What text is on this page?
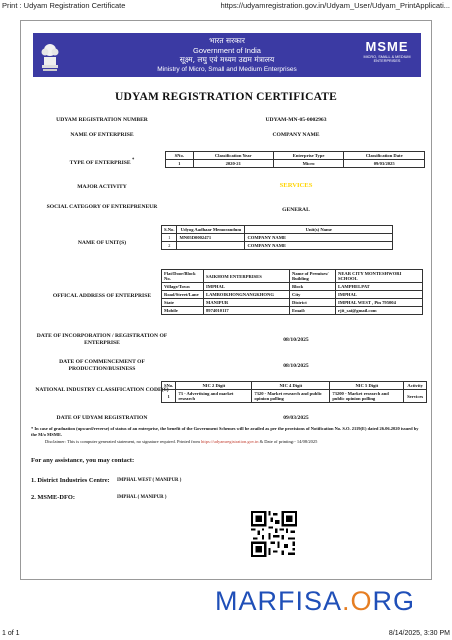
Print : Udyam Registration Certificate	https://udyamregistration.gov.in/Udyam_User/Udyam_PrintApplicati...
भारत सरकार
Government of India
सूक्ष्म, लघु एवं मध्यम उद्यम मंत्रालय
Ministry of Micro, Small and Medium Enterprises
MSME
MICRO, SMALL & MEDIUM ENTERPRISES
UDYAM REGISTRATION CERTIFICATE
UDYAM REGISTRATION NUMBER	UDYAM-MN-05-0002963
NAME OF ENTERPRISE	COMPANY NAME
TYPE OF ENTERPRISE *
SNo.	Classification Year	Enterprise Type	Classification Date
1	2020-21	Micro	09/03/2025
MAJOR ACTIVITY	SERVICES
SOCIAL CATEGORY OF ENTREPRENEUR	GENERAL
NAME OF UNIT(S)
S.No.	Udyog Aadhaar Memorandum	Unit(s) Name
1	MN05D0002471	COMPANY NAME
2		COMPANY NAME
OFFICAL ADDRESS OF ENTERPRISE
Flat/Door/Block No.	SAIKHOM ENTERPRISES	Name of Premises/ Building	NEAR CITY MONTESHWORI SCHOOL
Village/Town	IMPHAL	Block	LAMPHELPAT
Road/Street/Lane	LAMBOIKHONGNANGKHONG	City	IMPHAL
State	MANIPUR	District	IMPHAL WEST , Pin 795004
Mobile	8974010117	Email:	rjit_sai@gmail.com
DATE OF INCORPORATION / REGISTRATION OF ENTERPRISE	08/10/2025
DATE OF COMMENCEMENT OF PRODUCTION/BUSINESS	08/10/2025
NATIONAL INDUSTRY CLASSIFICATION CODE(S)
SNo.	NIC 2 Digit	NIC 4 Digit	NIC 5 Digit	Activity
1	73 - Advertising and market research	7320 - Market research and public opinion polling	73200 - Market research and public opinion polling	Services
DATE OF UDYAM REGISTRATION	09/03/2025
* In case of graduation (upward/reverse) of status of an enterprise, the benefit of the Government Schemes will be availed as per the provisions of Notification No. S.O. 2119(E) dated 26.06.2020 issued by the M/o MSME.
Disclaimer: This is computer generated statement, no signature required. Printed from https://udyamregistration.gov.in & Date of printing:- 14/08/2025
For any assistance, you may contact:
1. District Industries Centre: IMPHAL WEST ( MANIPUR )
2. MSME-DFO:	IMPHAL ( MANIPUR )
MARFISA.ORG
1 of 1	8/14/2025, 3:30 PM
